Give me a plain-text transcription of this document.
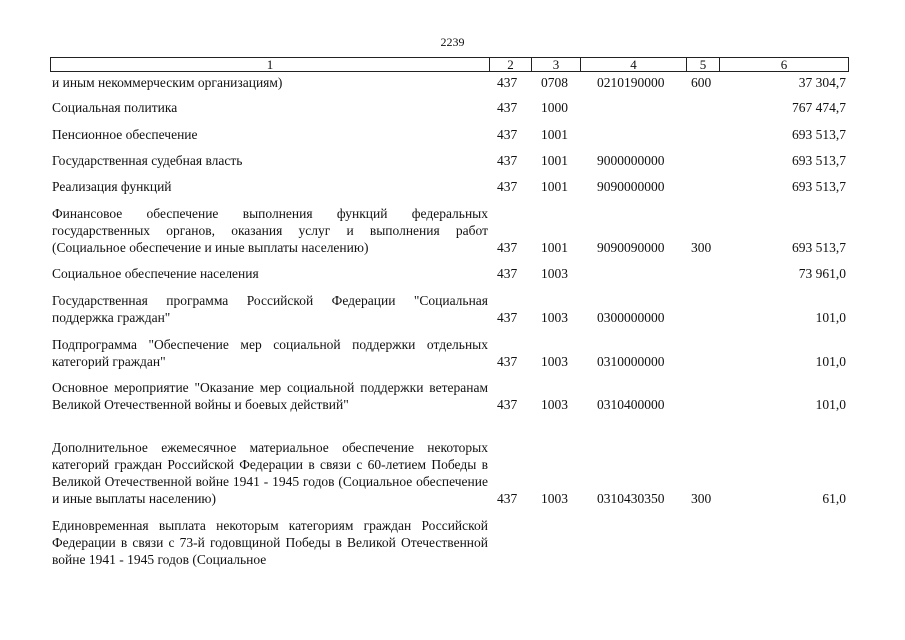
2239
1	2	3	4	5	6
и иным некоммерческим организациям)	437 0708 0210190000 600	37 304,7
Социальная политика	437 1000	767 474,7
Пенсионное обеспечение	437 1001	693 513,7
Государственная судебная власть	437 1001 9000000000	693 513,7
Реализация функций	437 1001 9090000000	693 513,7
Финансовое обеспечение выполнения функций федеральных государственных органов, оказания услуг и выполнения работ (Социальное обеспечение и иные выплаты населению)	437 1001 9090090000 300	693 513,7
Социальное обеспечение населения	437 1003	73 961,0
Государственная программа Российской Федерации "Социальная поддержка граждан"	437 1003 0300000000	101,0
Подпрограмма "Обеспечение мер социальной поддержки отдельных категорий граждан"	437 1003 0310000000	101,0
Основное мероприятие "Оказание мер социальной поддержки ветеранам Великой Отечественной войны и боевых действий"	437 1003 0310400000	101,0
Дополнительное ежемесячное материальное обеспечение некоторых категорий граждан Российской Федерации в связи с 60-летием Победы в Великой Отечественной войне 1941 - 1945 годов (Социальное обеспечение и иные выплаты населению)	437 1003 0310430350 300	61,0
Единовременная выплата некоторым категориям граждан Российской Федерации в связи с 73-й годовщиной Победы в Великой Отечественной войне 1941 - 1945 годов (Социальное
